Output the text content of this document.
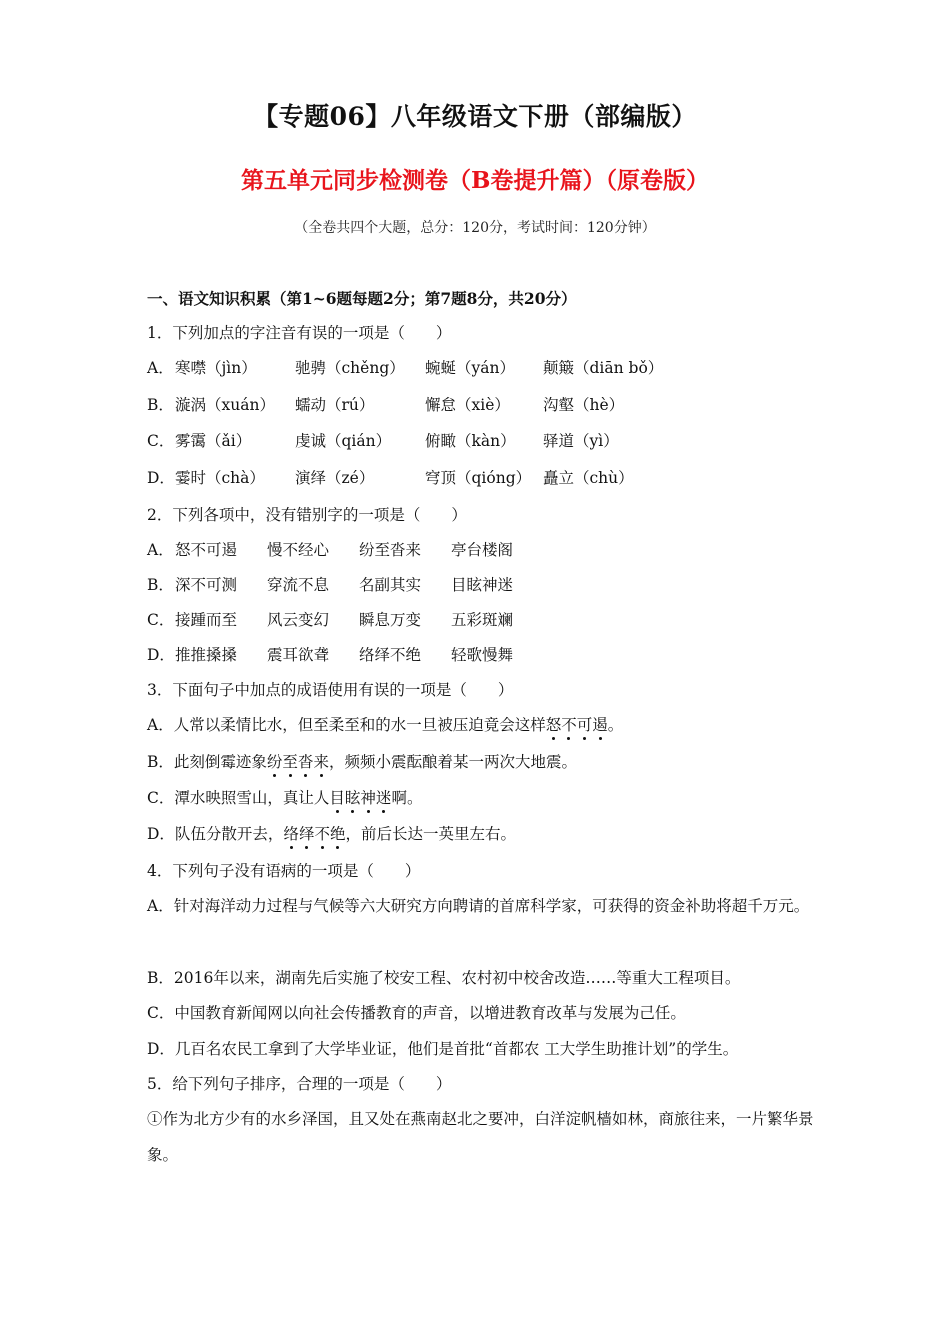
【专题06】八年级语文下册（部编版）
第五单元同步检测卷（B卷提升篇）（原卷版）
（全卷共四个大题，总分：120分，考试时间：120分钟）
一、语文知识积累（第1~6题每题2分；第7题8分，共20分）
1．下列加点的字注音有误的一项是（　　）
A． 寒噤（jìn）	驰骋（chěng）	蜿蜒（yán）	颠簸（diān bǒ）
B． 漩涡（xuán）	蠕动（rú）	懈怠（xiè）	沟壑（hè）
C． 雾霭（ǎi）	虔诚（qián）	俯瞰（kàn）	驿道（yì）
D． 霎时（chà）	演绎（zé）	穹顶（qióng） 矗立（chù）
2．下列各项中，没有错别字的一项是（　　）
A． 怒不可遏	慢不经心	纷至沓来	亭台楼阁
B． 深不可测	穿流不息	名副其实	目眩神迷
C． 接踵而至	风云变幻	瞬息万变	五彩斑斓
D． 推推搡搡	震耳欲聋	络绎不绝	轻歌慢舞
3．下面句子中加点的成语使用有误的一项是（　　）
A．人常以柔情比水，但至柔至和的水一旦被压迫竟会这样怒不可遏。
B．此刻倒霉迹象纷至沓来，频频小震酝酿着某一两次大地震。
C．潭水映照雪山，真让人目眩神迷啊。
D．队伍分散开去，络绎不绝，前后长达一英里左右。
4．下列句子没有语病的一项是（　　）
A．针对海洋动力过程与气候等六大研究方向聘请的首席科学家，可获得的资金补助将超千万元。
B．2016年以来，湖南先后实施了校安工程、农村初中校舍改造……等重大工程项目。
C．中国教育新闻网以向社会传播教育的声音，以增进教育改革与发展为己任。
D．几百名农民工拿到了大学毕业证，他们是首批“首都农 工大学生助推计划”的学生。
5．给下列句子排序，合理的一项是（　　）
①作为北方少有的水乡泽国，且又处在燕南赵北之要冲，白洋淀帆樯如林，商旅往来，一片繁华景象。
